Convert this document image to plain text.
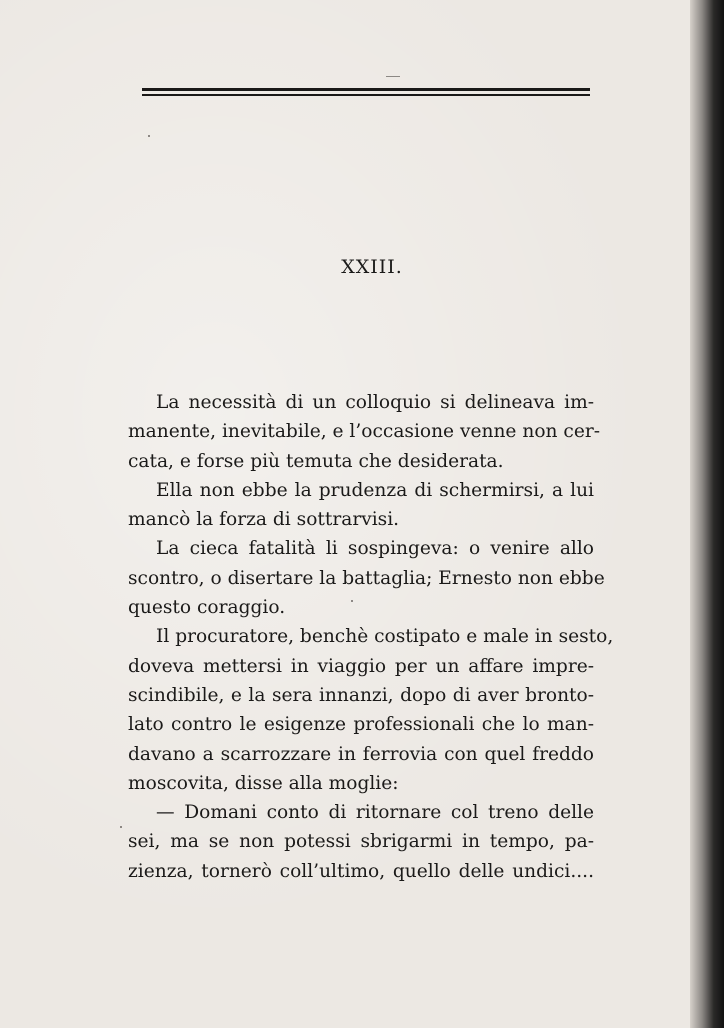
XXIII.
La necessità di un colloquio si delineava im-
manente, inevitabile, e l’occasione venne non cer-
cata, e forse più temuta che desiderata.
Ella non ebbe la prudenza di schermirsi, a lui
mancò la forza di sottrarvisi.
La cieca fatalità li sospingeva: o venire allo
scontro, o disertare la battaglia; Ernesto non ebbe
questo coraggio.
Il procuratore, benchè costipato e male in sesto,
doveva mettersi in viaggio per un affare impre-
scindibile, e la sera innanzi, dopo di aver bronto-
lato contro le esigenze professionali che lo man-
davano a scarrozzare in ferrovia con quel freddo
moscovita, disse alla moglie:
— Domani conto di ritornare col treno delle
sei, ma se non potessi sbrigarmi in tempo, pa-
zienza, tornerò coll’ultimo, quello delle undici....
